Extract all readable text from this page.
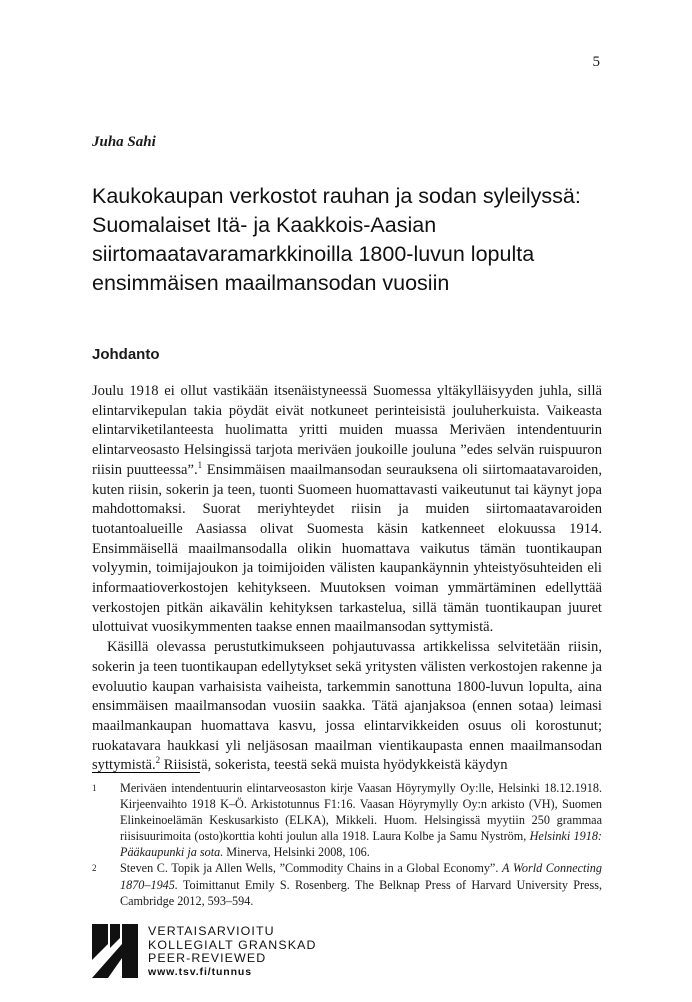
5
Juha Sahi
Kaukokaupan verkostot rauhan ja sodan syleilyssä: Suomalaiset Itä- ja Kaakkois-Aasian siirtomaatavaramarkkinoilla 1800-luvun lopulta ensimmäisen maailmansodan vuosiin
Johdanto

Joulu 1918 ei ollut vastikään itsenäistyneessä Suomessa yltäkylläisyyden juhla, sillä elintarvikepulan takia pöydät eivät notkuneet perinteisistä jouluherkuista. Vaikeasta elintarviketilanteesta huolimatta yritti muiden muassa Meriväen intendentuurin elintarveosasto Helsingissä tarjota meriväen joukoille jouluna ”edes selvän ruispuuron riisin puutteessa”.$^1$ Ensimmäisen maailmansodan seurauksena oli siirtomaatavaroiden, kuten riisin, sokerin ja teen, tuonti Suomeen huomattavasti vaikeutunut tai käynyt jopa mahdottomaksi. Suorat meriyhteydet riisin ja muiden siirtomaatavaroiden tuotantoalueille Aasiassa olivat Suomesta käsin katkenneet elokuussa 1914. Ensimmäisellä maailmansodalla olikin huomattava vaikutus tämän tuontikaupan volyymin, toimijajoukon ja toimijoiden välisten kaupankäynnin yhteistyösuhteiden eli informaatioverkostojen kehitykseen. Muutoksen voiman ymmärtäminen edellyttää verkostojen pitkän aikavälin kehityksen tarkastelua, sillä tämän tuontikaupan juuret ulottuivat vuosikymmenten taakse ennen maailmansodan syttymistä.

Käsillä olevassa perustutkimukseen pohjautuvassa artikkelissa selvitetään riisin, sokerin ja teen tuontikaupan edellytykset sekä yritysten välisten verkostojen rakenne ja evoluutio kaupan varhaisista vaiheista, tarkemmin sanottuna 1800-luvun lopulta, aina ensimmäisen maailmansodan vuosiin saakka. Tätä ajanjaksoa (ennen sotaa) leimasi maailmankaupan huomattava kasvu, jossa elintarvikkeiden osuus oli korostunut; ruokatavara haukkasi yli neljäsosan maailman vientikaupasta ennen maailmansodan syttymistä.$^2$ Riisistä, sokerista, teestä sekä muista hyödykkeistä käydyn

1 Meriväen intendentuurin elintarveosaston kirje Vaasan Höyrymylly Oy:lle, Helsinki 18.12.1918. Kirjeenvaihto 1918 K–Ö. Arkistotunnus F1:16. Vaasan Höyrymylly Oy:n arkisto (VH), Suomen Elinkeinoelämän Keskusarkisto (ELKA), Mikkeli. Huom. Helsingissä myytiin 250 grammaa riisisuurimoita (osto)korttia kohti joulun alla 1918. Laura Kolbe ja Samu Nyström, Helsinki 1918: Pääkaupunki ja sota. Minerva, Helsinki 2008, 106.
2 Steven C. Topik ja Allen Wells, ”Commodity Chains in a Global Economy”. A World Connecting 1870–1945. Toimittanut Emily S. Rosenberg. The Belknap Press of Harvard University Press, Cambridge 2012, 593–594.
VERTAISARVIOITU
KOLLEGIALT GRANSKAD
PEER-REVIEWED
www.tsv.fi/tunnus
